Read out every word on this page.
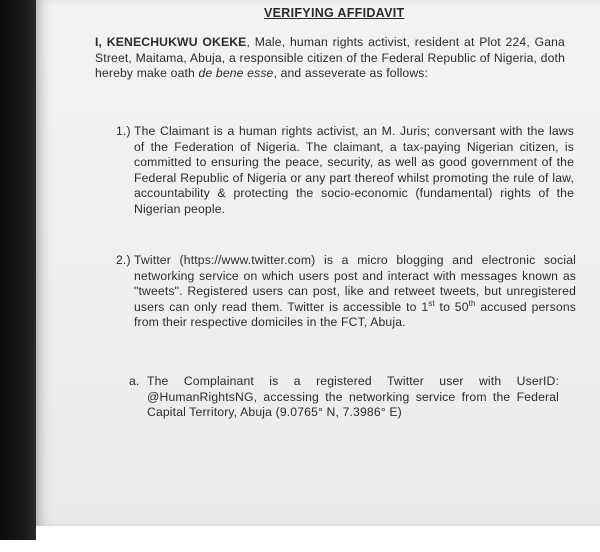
VERIFYING AFFIDAVIT
I, KENECHUKWU OKEKE, Male, human rights activist, resident at Plot 224, Gana Street, Maitama, Abuja, a responsible citizen of the Federal Republic of Nigeria, doth hereby make oath de bene esse, and asseverate as follows:
1.) The Claimant is a human rights activist, an M. Juris; conversant with the laws of the Federation of Nigeria. The claimant, a tax-paying Nigerian citizen, is committed to ensuring the peace, security, as well as good government of the Federal Republic of Nigeria or any part thereof whilst promoting the rule of law, accountability & protecting the socio-economic (fundamental) rights of the Nigerian people.
2.) Twitter (https://www.twitter.com) is a micro blogging and electronic social networking service on which users post and interact with messages known as "tweets". Registered users can post, like and retweet tweets, but unregistered users can only read them. Twitter is accessible to 1st to 50th accused persons from their respective domiciles in the FCT, Abuja.
a. The Complainant is a registered Twitter user with UserID: @HumanRightsNG, accessing the networking service from the Federal Capital Territory, Abuja (9.0765° N, 7.3986° E)
